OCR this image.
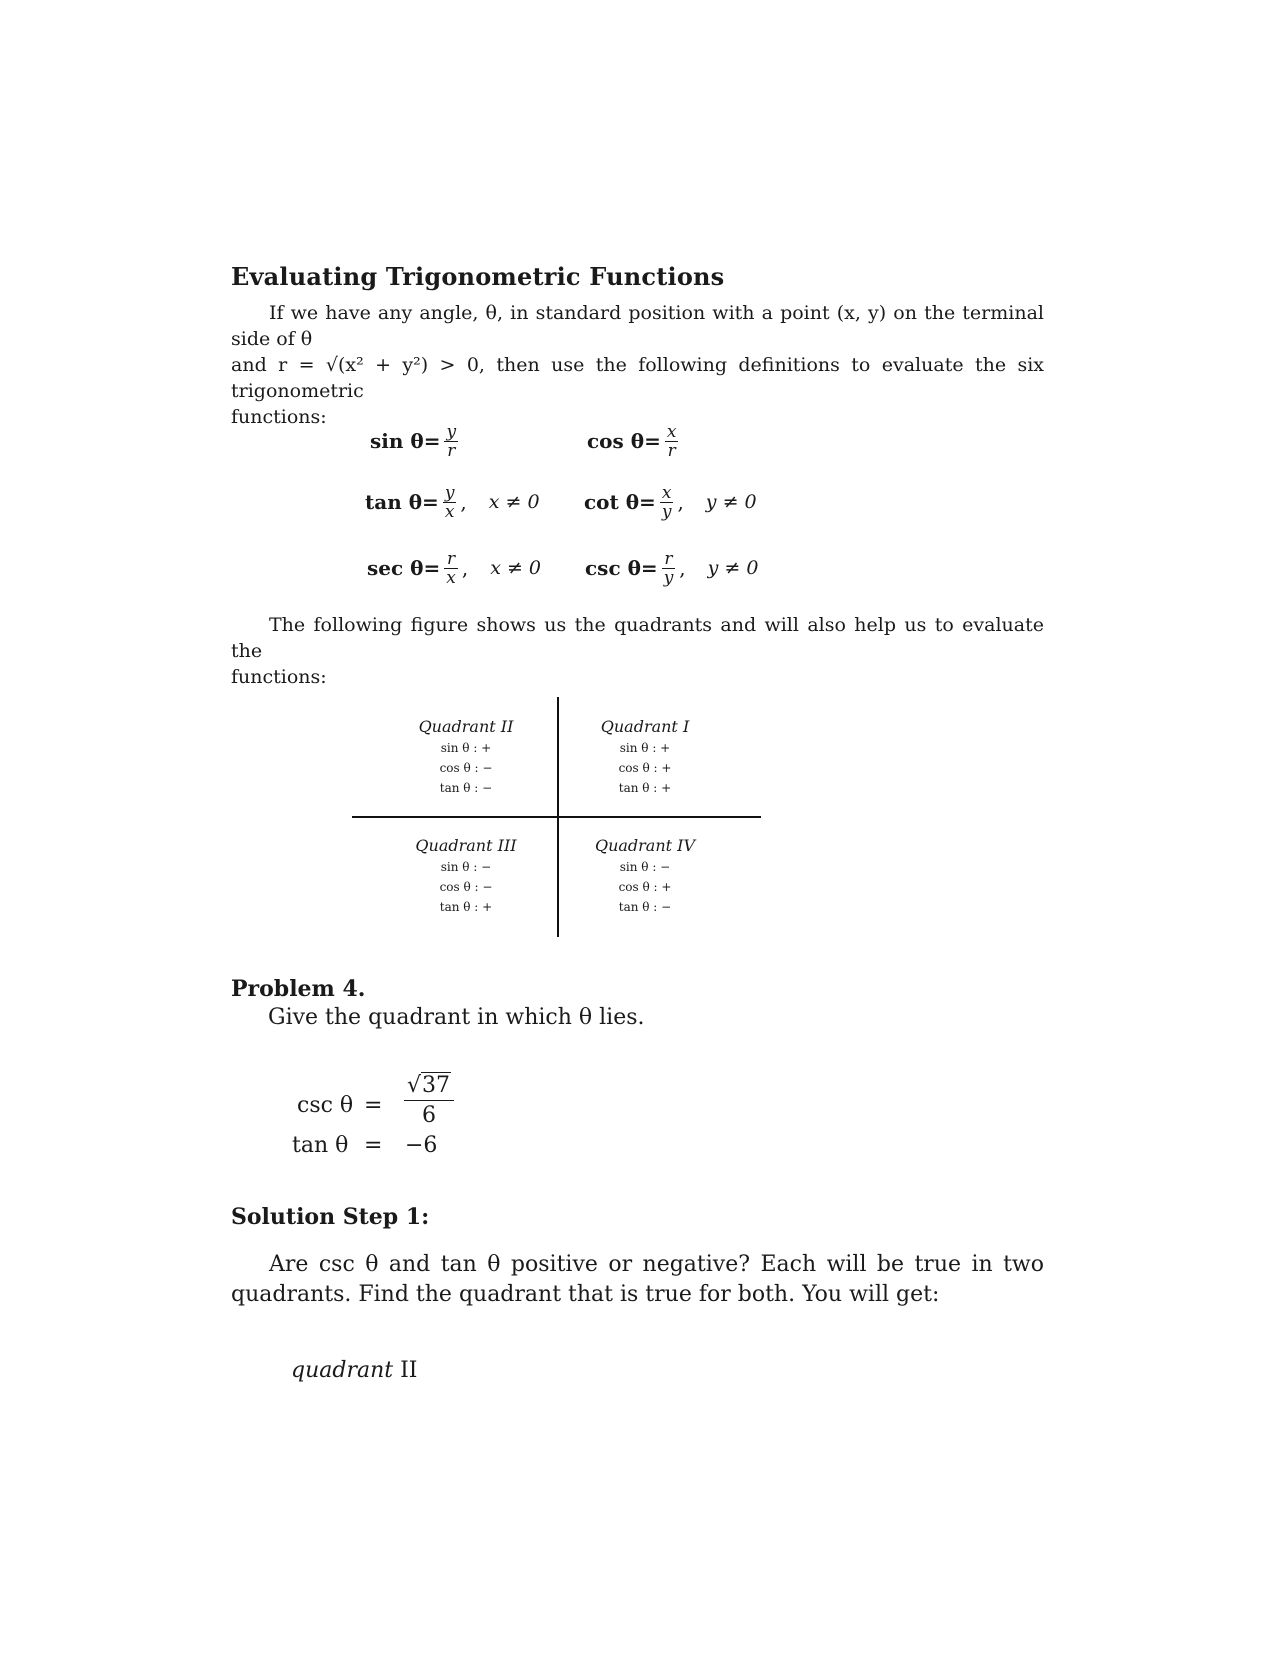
Evaluating Trigonometric Functions
If we have any angle, θ, in standard position with a point (x, y) on the terminal side of θ
and r = √(x² + y²) > 0, then use the following definitions to evaluate the six trigonometric
functions:
$\sin \theta= \frac{y}{r}$	$\cos \theta= \frac{x}{r}$
$\tan \theta= \frac{y}{x}$ , x ≠ 0 $\cot \theta= \frac{x}{y}$ , y ≠ 0
$\sec \theta= \frac{r}{x}$ , x ≠ 0 $\csc \theta= \frac{r}{y}$ , y ≠ 0
The following figure shows us the quadrants and will also help us to evaluate the
functions:
Quadrant II
sin θ : +
cos θ : −
tan θ : −
Quadrant I
sin θ : +
cos θ : +
tan θ : +
Quadrant III
sin θ : −
cos θ : −
tan θ : +
Quadrant IV
sin θ : −
cos θ : +
tan θ : −
Problem 4.
Give the quadrant in which θ lies.
csc θ =
√37
6
tan θ = −6
Solution Step 1:
Are csc θ and tan θ positive or negative? Each will be true in two quadrants. Find the quadrant that is true for both. You will get:
quadrant II
